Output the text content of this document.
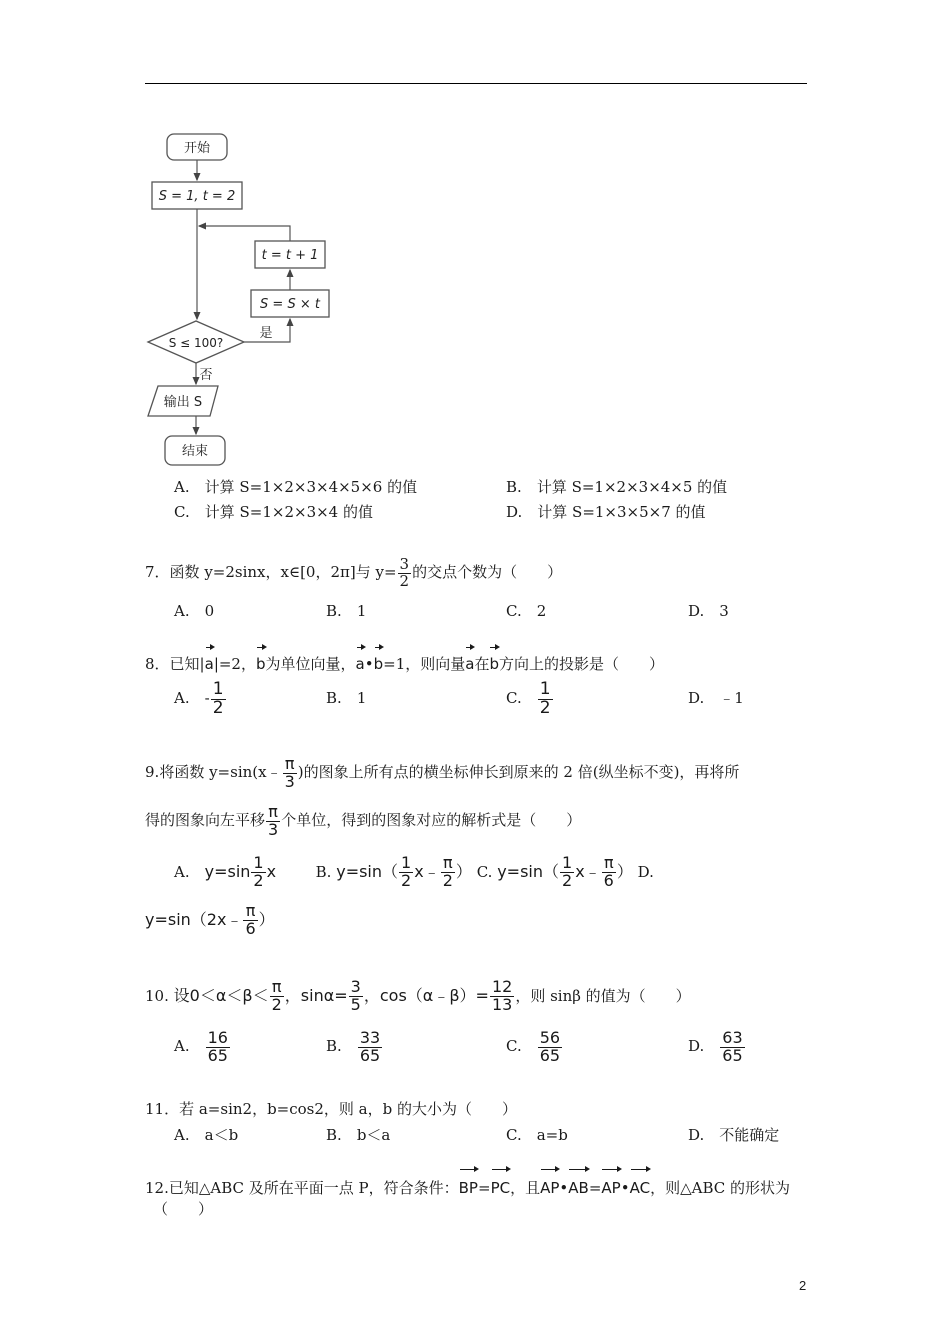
开始
S = 1, t = 2
t = t + 1
S = S × t
S ≤ 100?
是
否
输出 S
结束
A.　 计算 S=1×2×3×4×5×6 的值	B.　 计算 S=1×2×3×4×5 的值
C.　 计算 S=1×2×3×4 的值	D.　 计算 S=1×3×5×7 的值
7．函数 y=2sinx，x∈[0，2π]与 $y= \frac{3}{2}$ 的交点个数为（　　）
A.　 0	B.　 1	C.　 2	D.　 3
8．已知|a|=2，b为单位向量，a•b=1，则向量a在b方向上的投影是（　　）
A.　 - $\frac{1}{2}$	B.　 1	C.　 $\frac{1}{2}$	D.　 ﹣1
9.将函数 y=sin(x﹣ $\frac{\pi}{3}$ )的图象上所有点的横坐标伸长到原来的 2 倍(纵坐标不变)，再将所
得的图象向左平移 $\frac{\pi}{3}$ 个单位，得到的图象对应的解析式是（　　）
A.　 $y=\sin \frac{1}{2}$ x	B. $y=\sin( \frac{1}{2}$ x﹣ $\frac{\pi}{2}$ ） C. $y=\sin( \frac{1}{2}$ x﹣ $\frac{\pi}{6}$ ） D.
y=sin（2x﹣ $\frac{\pi}{6}$ ）
10. 设$0<\alpha<\beta< \frac{\pi}{2}$ ，$\sin\alpha= \frac{3}{5}$ ，cos（α﹣β）= $\frac{12}{13}$ ，则 sinβ 的值为（　　）
A.　 $\frac{16}{65}$	B.　 $\frac{33}{65}$	C.　 $\frac{56}{65}$	D.　 $\frac{63}{65}$
11．若 a=sin2，b=cos2，则 a，b 的大小为（　　）
A.　 a＜b	B.　 b＜a	C.　 a=b	D.　 不能确定
12.已知△ABC 及所在平面一点 P，符合条件：BP=PC，且AP•AB=AP•AC，则△ABC 的形状为
（　　）
2
